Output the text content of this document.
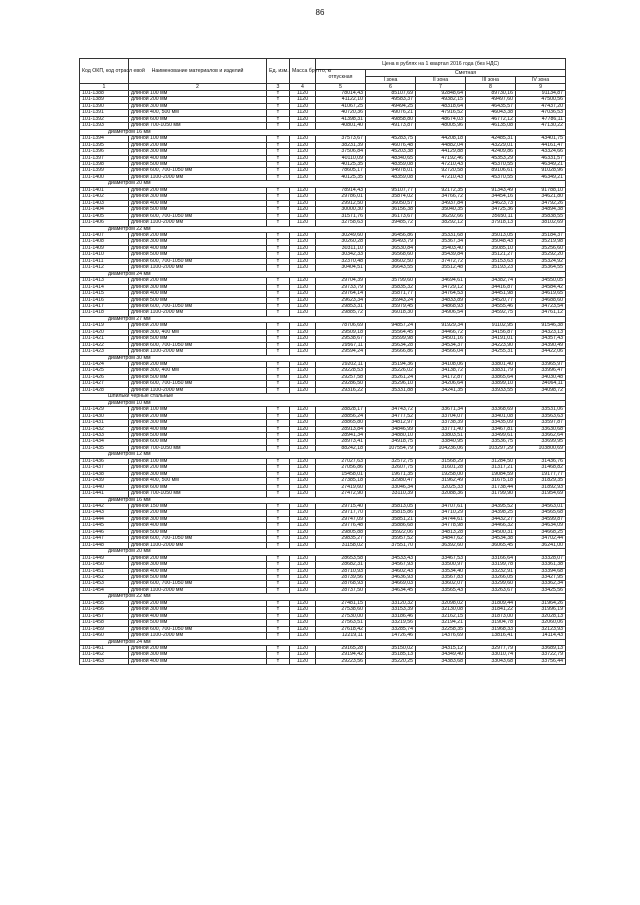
86
Код ОКП, код отрасл евой	Наименование материалов и изделий	Ед. изм.	Масса брутто, кг	Цена в рублях на 1 квартал 2016 года (без НДС)				
				отпускная	Сметная			
					I зона	II зона	III зона	IV зона
1	2	3	4	5	6	7	8	9
101-1388	длиной 100 мм	т	1120	78014,43	85107,69	92848,64	89730,16	91134,87
101-1389	длиной 200 мм	т	1120	41122,10	49583,37	49382,15	49497,60	47500,56
101-1390	длиной 300 мм	т	1120	41067,25	49494,25	48318,64	46435,57	47437,20
101-1391	длиной 400, 500 мм	т	1120	40720,36	49076,21	47916,52	46043,38	47036,53
101-1392	длиной 600 мм	т	1120	41398,31	49858,80	48674,03	46772,12	47786,11
101-1393	длиной 700-1050 мм	т	1120	40801,40	49173,87	48005,96	46135,08	47130,22
диаметром 16 мм								
101-1394	длиной 100 мм	т	1120	37573,67	45283,75	44208,18	42485,31	43401,75
101-1395	длиной 200 мм	т	1120	38231,39	46076,48	44882,04	43229,01	44161,47
101-1396	длиной 300 мм	т	1120	37506,84	45203,38	44129,88	42409,86	43324,66
101-1397	длиной 400 мм	т	1120	40110,09	48340,65	47192,46	45353,29	46331,57
101-1398	длиной 500 мм	т	1120	40125,35	48359,08	47210,43	45370,55	46349,21
101-1399	длиной 600, 700-1050 мм	т	1120	78605,17	94978,01	92720,58	89106,61	91028,96
101-1400	длиной 1100-2000 мм	т	1120	40125,35	48359,08	47210,43	45370,55	46349,21
диаметром 20 мм								
101-1401	длиной 200 мм	т	1120	78914,43	95107,77	92172,35	91343,49	91788,10
101-1402	длиной 300 мм	т	1120	29786,01	35874,02	34766,72	34454,16	34621,80
101-1403	длиной 400 мм	т	1120	29912,50	36050,57	34937,84	34623,73	34792,26
101-1404	длиной 500 мм	т	1120	30000,30	36156,38	35040,35	34725,36	34894,38
101-1405	длиной 600, 700-1050 мм	т	1120	31571,76	36173,67	36292,66	35650,11	35838,55
101-1406	длиной 1100-2000 мм	т	1120	32758,63	39485,72	38292,12	37918,13	38102,69
диаметром 22 мм								
101-1407	длиной 200 мм	т	1120	30249,60	36456,86	35331,68	35013,05	35184,37
101-1408	длиной 300 мм	т	1120	30260,28	36493,79	35367,34	35048,43	35219,98
101-1409	длиной 400 мм	т	1120	30311,10	36530,84	35403,40	35085,10	35256,60
101-1410	длиной 500 мм	т	1120	30342,33	36568,60	35439,84	35121,27	35292,20
101-1411	длиной 600, 700-1050 мм	т	1120	32370,48	38602,50	37472,72	35153,63	35324,92
101-1412	длиной 1100-2000 мм	т	1120	30404,51	36643,55	35512,48	35193,23	35364,55
диаметром 24 мм								
101-1413	длиной 200 мм	т	1120	29704,39	35799,60	34694,61	34382,74	34550,05
101-1414	длиной 300 мм	т	1120	29733,79	35835,32	34729,12	34416,87	34584,42
101-1415	длиной 400 мм	т	1120	29764,14	35871,77	34764,53	34451,98	34619,65
101-1416	длиной 500 мм	т	1120	29623,34	35943,24	34833,89	34520,77	34688,60
101-1417	длиной 600, 700-1050 мм	т	1120	29853,31	35979,45	34868,93	34555,46	34723,54
101-1418	длиной 1100-2000 мм	т	1120	29885,72	36018,30	34906,54	34592,75	34761,12
диаметром 27 мм								
101-1419	длиной 200 мм	т	1120	78706,69	94857,24	91929,34	91102,95	91546,38
101-1420	длиной 300, 400 мм	т	1120	29509,18	35564,45	34466,72	34156,87	34323,13
101-1421	длиной 500 мм	т	1120	29538,67	35599,98	34501,16	34191,01	34357,43
101-1422	длиной 600, 700-1050 мм	т	1120	29567,11	35634,28	34534,37	34223,90	34390,49
101-1423	длиной 1100-2000 мм	т	1120	29594,24	35666,86	34566,04	34255,31	34422,06
диаметром 30 мм								
101-1424	длиной 200 мм	т	1120	29202,11	35194,36	34108,06	33801,40	33965,97
101-1425	длиной 300, 400 мм	т	1120	29228,53	35226,02	34138,72	33831,79	33996,47
101-1426	длиной 500 мм	т	1120	29257,58	35261,24	34172,87	33865,64	34030,48
101-1427	длиной 600, 700-1050 мм	т	1120	29286,50	35296,10	34206,64	33899,10	34064,11
101-1428	длиной 1100-2000 мм	т	1120	29316,22	35331,88	34241,35	33933,55	34098,72
Шпильки черные стальные								
диаметром 10 мм								
101-1429	длиной 100 мм	т	1120	28828,17	34743,72	33671,34	33368,69	33531,06
101-1430	длиной 200 мм	т	1120	28856,24	34777,52	33704,07	33401,08	33563,63
101-1431	длиной 300 мм	т	1120	28865,80	34812,97	33738,39	33435,09	33597,87
101-1432	длиной 400 мм	т	1120	28913,84	34846,99	33771,40	33467,81	33630,68
101-1433	длиной 500 мм	т	1120	28941,34	34880,10	33803,51	33499,61	33662,64
101-1434	длиной 600 мм	т	1120	28973,41	34918,75	33840,95	33536,75	33699,95
101-1435	длиной 700-1050 мм	т	1120	88242,18	107554,79	104236,06	103297,29	103800,69
диаметром 12 мм								
101-1436	длиной 100 мм	т	1120	27027,63	32572,75	31568,29	31284,50	31436,76
101-1437	длиной 200 мм	т	1120	27056,86	32607,75	31601,28	31317,21	31468,82
101-1438	длиной 300 мм	т	1120	15458,01	19671,35	19258,00	19084,59	19177,77
101-1439	длиной 400, 500 мм	т	1120	27385,18	32980,47	31962,49	31675,18	31829,35
101-1440	длиной 600 мм	т	1120	27419,60	33046,34	32025,33	31738,44	31892,93
101-1441	длиной 700-1050 мм	т	1120	27472,90	33110,39	32088,36	31799,90	31954,69
диаметром 16 мм								
101-1442	длиной 150 мм	т	1120	29715,40	35813,05	34707,61	34395,52	34563,01
101-1443	длиной 200 мм	т	1120	29717,70	35815,86	34710,29	34398,25	34565,68
101-1444	длиной 300 мм	т	1120	29747,09	35851,21	34744,61	34432,27	34599,87
101-1445	длиной 400 мм	т	1120	29776,48	35886,68	34778,98	34466,32	34634,09
101-1446	длиной 500 мм	т	1120	29805,88	35922,06	34813,28	34500,31	34668,25
101-1447	длиной 600, 700-1050 мм	т	1120	29835,27	35957,52	34847,62	34534,38	34702,44
101-1448	длиной 1100-2000 мм	т	1120	31158,02	37551,70	36392,60	36065,45	36241,00
диаметром 20 мм								
101-1449	длиной 200 мм	т	1120	28653,58	34533,43	33467,53	33166,64	33328,07
101-1450	длиной 300 мм	т	1120	28682,31	34567,93	33500,97	33199,78	33361,38
101-1451	длиной 400 мм	т	1120	28710,93	34602,43	33534,40	33232,91	33394,68
101-1452	длиной 500 мм	т	1120	28739,56	34636,93	33567,83	33266,05	33427,95
101-1453	длиной 600, 700-1050 мм	т	1120	28768,93	34669,03	33602,07	33299,60	33362,34
101-1454	длиной 1100-2000 мм	т	1120	28737,50	34634,45	33565,43	33263,67	33425,56
диаметром 22 мм								
101-1455	длиной 200 мм	т	1120	27481,15	33120,32	32098,02	31809,44	31964,26
101-1456	длиной 300 мм	т	1120	27538,60	33153,39	32130,08	31841,22	31996,19
101-1457	длиной 400 мм	т	1120	27530,00	33186,46	32162,15	31873,00	32028,13
101-1458	длиной 500 мм	т	1120	27563,51	33219,56	32194,21	31904,78	32060,06
101-1459	длиной 600, 700-1050 мм	т	1120	27618,42	33285,74	32258,35	31968,33	32123,93
101-1460	длиной 1100-2000 мм	т	1120	12219,11	14726,46	14376,69	13816,41	14114,43
диаметром 24 мм								
101-1461	длиной 200 мм	т	1120	29165,28	35150,02	34315,12	32977,79	33689,13
101-1462	длиной 300 мм	т	1120	29194,42	35185,13	34349,40	33010,74	33722,79
101-1463	длиной 400 мм	т	1120	29223,56	35220,25	34383,68	33043,68	33756,44
